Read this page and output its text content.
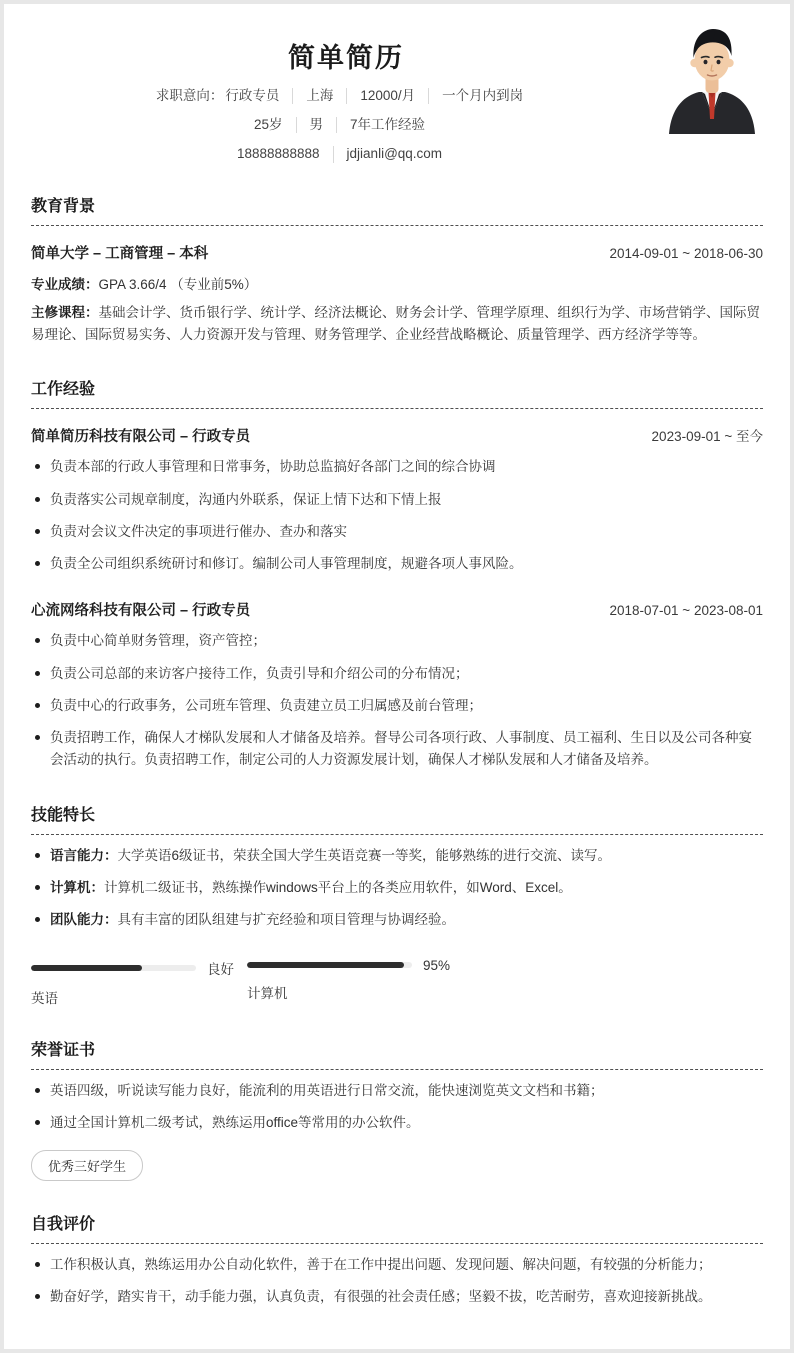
简单简历
求职意向： 行政专员	上海	12000/月	一个月内到岗
25岁	男	7年工作经验
18888888888	jdjianli@qq.com
教育背景
简单大学 – 工商管理 – 本科	2014-09-01 ~ 2018-06-30
专业成绩：GPA 3.66/4 （专业前5%）
主修课程：基础会计学、货币银行学、统计学、经济法概论、财务会计学、管理学原理、组织行为学、市场营销学、国际贸易理论、国际贸易实务、人力资源开发与管理、财务管理学、企业经营战略概论、质量管理学、西方经济学等等。
工作经验
简单简历科技有限公司 – 行政专员	2023-09-01 ~ 至今
负责本部的行政人事管理和日常事务，协助总监搞好各部门之间的综合协调
负责落实公司规章制度，沟通内外联系，保证上情下达和下情上报
负责对会议文件决定的事项进行催办、查办和落实
负责全公司组织系统研讨和修订。编制公司人事管理制度，规避各项人事风险。
心流网络科技有限公司 – 行政专员	2018-07-01 ~ 2023-08-01
负责中心简单财务管理，资产管控；
负责公司总部的来访客户接待工作，负责引导和介绍公司的分布情况；
负责中心的行政事务，公司班车管理、负责建立员工归属感及前台管理；
负责招聘工作，确保人才梯队发展和人才储备及培养。督导公司各项行政、人事制度、员工福利、生日以及公司各种宴会活动的执行。负责招聘工作，制定公司的人力资源发展计划，确保人才梯队发展和人才储备及培养。
技能特长
语言能力：大学英语6级证书，荣获全国大学生英语竞赛一等奖，能够熟练的进行交流、读写。
计算机：计算机二级证书，熟练操作windows平台上的各类应用软件，如Word、Excel。
团队能力：具有丰富的团队组建与扩充经验和项目管理与协调经验。
良好
英语
95%
计算机
荣誉证书
英语四级，听说读写能力良好，能流利的用英语进行日常交流，能快速浏览英文文档和书籍；
通过全国计算机二级考试，熟练运用office等常用的办公软件。
优秀三好学生
自我评价
工作积极认真，熟练运用办公自动化软件，善于在工作中提出问题、发现问题、解决问题，有较强的分析能力；
勤奋好学，踏实肯干，动手能力强，认真负责，有很强的社会责任感；坚毅不拔，吃苦耐劳，喜欢迎接新挑战。
